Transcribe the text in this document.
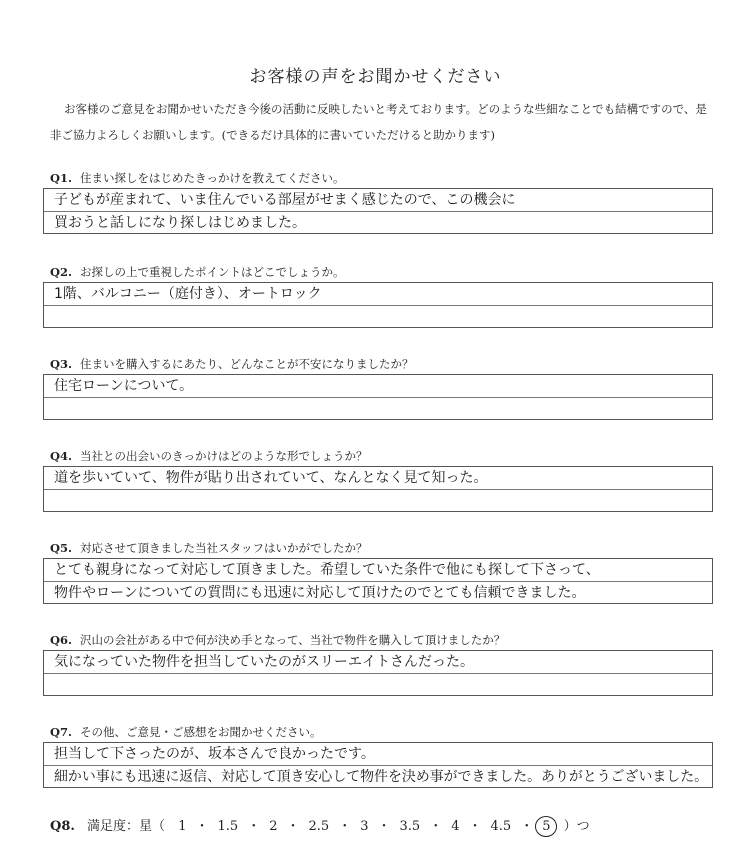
お客様の声をお聞かせください
お客様のご意見をお聞かせいただき今後の活動に反映したいと考えております。どのような些細なことでも結構ですので、是非ご協力よろしくお願いします。(できるだけ具体的に書いていただけると助かります)
Q1. 住まい探しをはじめたきっかけを教えてください。
子どもが産まれて、いま住んでいる部屋がせまく感じたので、この機会に
買おうと話しになり探しはじめました。
Q2. お探しの上で重視したポイントはどこでしょうか。
1階、バルコニー（庭付き）、オートロック
Q3. 住まいを購入するにあたり、どんなことが不安になりましたか？
住宅ローンについて。
Q4. 当社との出会いのきっかけはどのような形でしょうか？
道を歩いていて、物件が貼り出されていて、なんとなく見て知った。
Q5. 対応させて頂きました当社スタッフはいかがでしたか？
とても親身になって対応して頂きました。希望していた条件で他にも探して下さって、
物件やローンについての質問にも迅速に対応して頂けたのでとても信頼できました。
Q6. 沢山の会社がある中で何が決め手となって、当社で物件を購入して頂けましたか？
気になっていた物件を担当していたのがスリーエイトさんだった。
Q7. その他、ご意見・ご感想をお聞かせください。
担当して下さったのが、坂本さんで良かったです。
細かい事にも迅速に返信、対応して頂き安心して物件を決め事ができました。ありがとうございました。
Q8. 満足度：星（ 1 ・ 1.5 ・ 2 ・ 2.5 ・ 3 ・ 3.5 ・ 4 ・ 4.5 ・ 5 ）つ
